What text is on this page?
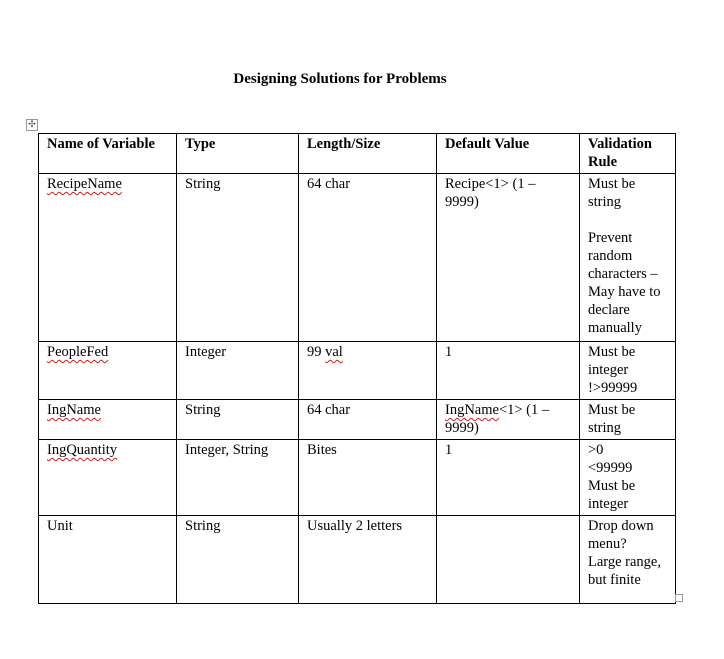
Designing Solutions for Problems
✣
Name of Variable	Type	Length/Size	Default Value	Validation Rule
RecipeName	String	64 char	Recipe<1> (1 – 9999)	Must be string
Prevent random characters – May have to declare manually

PeopleFed	Integer	99 val	1	Must be integer
!>99999

IngName	String	64 char	IngName<1> (1 – 9999)	Must be string

IngQuantity	Integer, String	Bites	1	>0
<99999
Must be integer

Unit	String	Usually 2 letters		Drop down menu?
Large range, but finite
